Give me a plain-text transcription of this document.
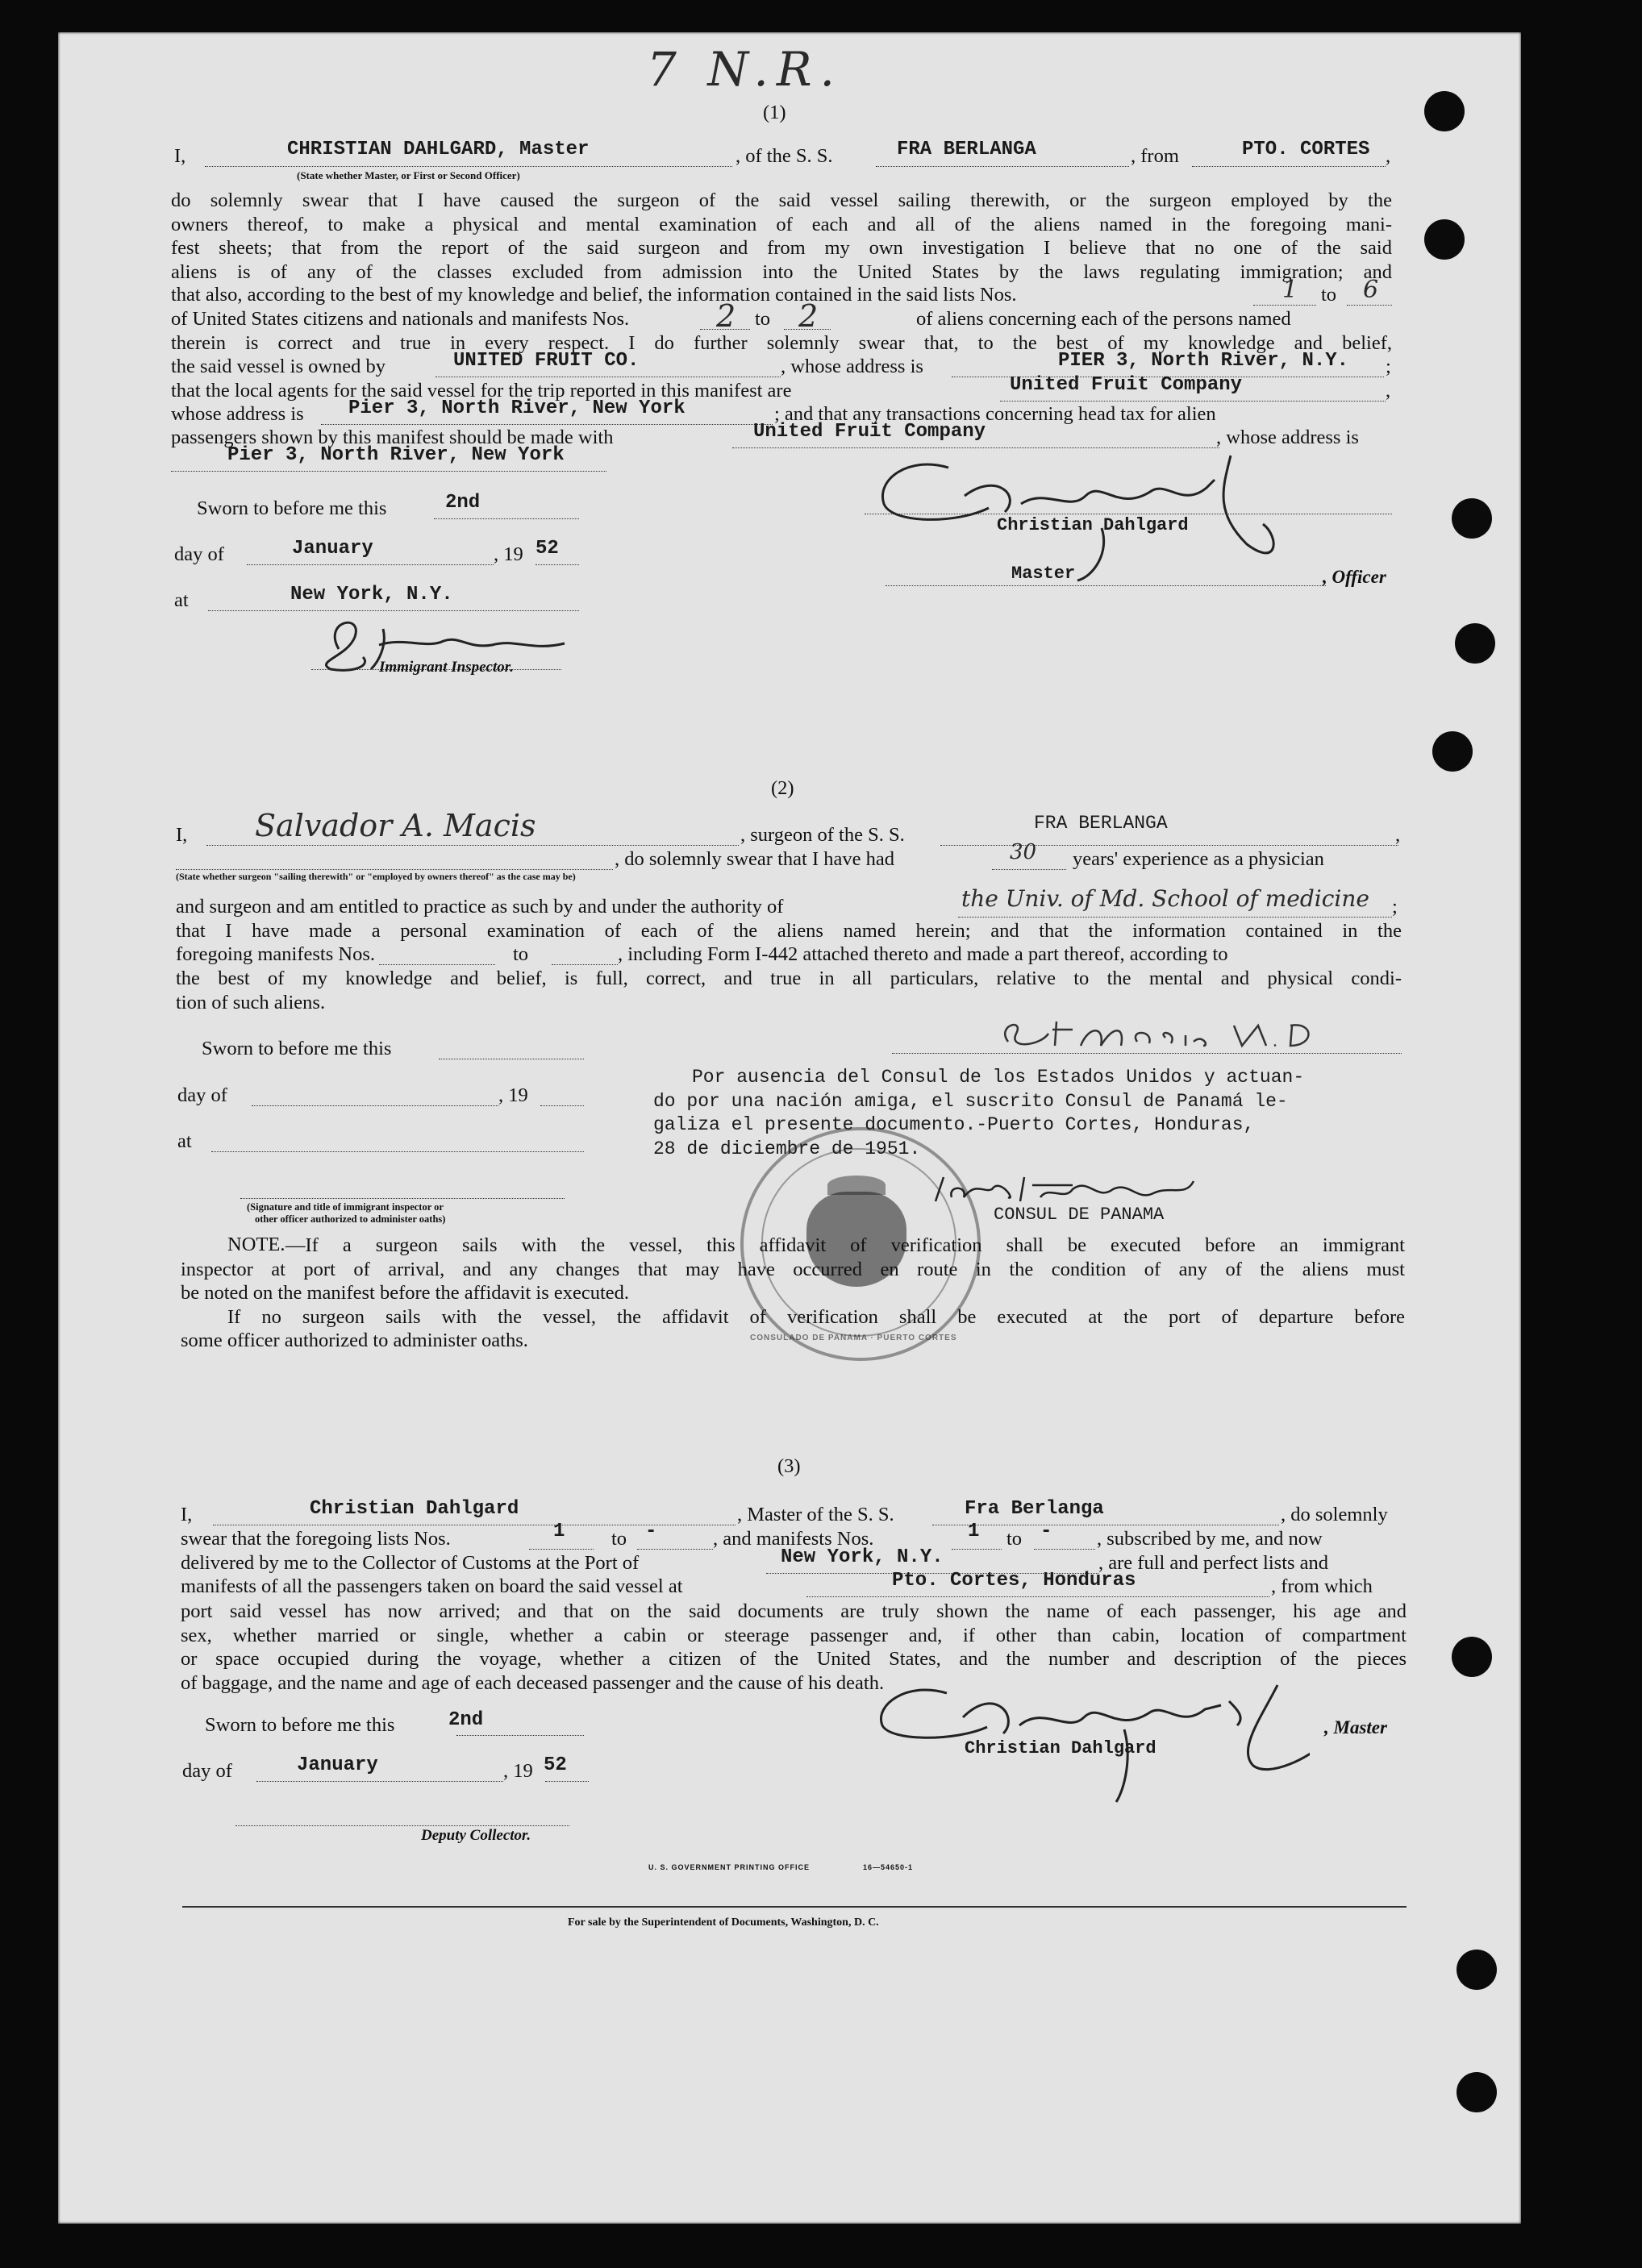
7 N.R.
(1)
I,	CHRISTIAN DAHLGARD, Master
(State whether Master, or First or Second Officer)
, of the S. S.	FRA BERLANGA	, from	PTO. CORTES ,
do solemnly swear that I have caused the surgeon of the said vessel sailing therewith, or the surgeon employed by the
owners thereof, to make a physical and mental examination of each and all of the aliens named in the foregoing mani-
fest sheets; that from the report of the said surgeon and from my own investigation I believe that no one of the said
aliens is of any of the classes excluded from admission into the United States by the laws regulating immigration; and
that also, according to the best of my knowledge and belief, the information contained in the said lists Nos.	1 to 6
of United States citizens and nationals and manifests Nos.	2 to 2	of aliens concerning each of the persons named
therein is correct and true in every respect. I do further solemnly swear that, to the best of my knowledge and belief,
the said vessel is owned by	UNITED FRUIT CO.	, whose address is	PIER 3, North River, N.Y. ;
that the local agents for the said vessel for the trip reported in this manifest are	United Fruit Company	,
whose address is Pier 3, North River, New York	; and that any transactions concerning head tax for alien
passengers shown by this manifest should be made with	United Fruit Company	, whose address is
Pier 3, North River, New York
Sworn to before me this	2nd
day of	January	, 19 52
at	New York, N.Y.
Immigrant Inspector.
Christian Dahlgard
Master	, Officer
(2)
I, Salvador A. Macis	, surgeon of the S. S.
FRA BERLANGA
,
, do solemnly swear that I have had	30 years' experience as a physician
(State whether surgeon "sailing therewith" or "employed by owners thereof" as the case may be)
and surgeon and am entitled to practice as such by and under the authority of	the Univ. of Md. School of medicine ;
that I have made a personal examination of each of the aliens named herein; and that the information contained in the
foregoing manifests Nos.	to	, including Form I-442 attached thereto and made a part thereof, according to
the best of my knowledge and belief, is full, correct, and true in all particulars, relative to the mental and physical condi-
tion of such aliens.
Sworn to before me this
day of	, 19
at
(Signature and title of immigrant inspector or
other officer authorized to administer oaths)
Por ausencia del Consul de los Estados Unidos y actuan-
do por una nación amiga, el suscrito Consul de Panamá le-
galiza el presente documento.-Puerto Cortes, Honduras,
28 de diciembre de 1951.
CONSULADO DE PANAMA · PUERTO CORTES
CONSUL DE PANAMA
NOTE. —If a surgeon sails with the vessel, this affidavit of verification shall be executed before an immigrant
inspector at port of arrival, and any changes that may have occurred en route in the condition of any of the aliens must
be noted on the manifest before the affidavit is executed.
If no surgeon sails with the vessel, the affidavit of verification shall be executed at the port of departure before
some officer authorized to administer oaths.
(3)
I,	Christian Dahlgard	, Master of the S. S.	Fra Berlanga	, do solemnly
swear that the foregoing lists Nos.	1 to -	, and manifests Nos.	1 to - , subscribed by me, and now
delivered by me to the Collector of Customs at the Port of	New York, N.Y.	, are full and perfect lists and
manifests of all the passengers taken on board the said vessel at	Pto. Cortes, Honduras	, from which
port said vessel has now arrived; and that on the said documents are truly shown the name of each passenger, his age and
sex, whether married or single, whether a cabin or steerage passenger and, if other than cabin, location of compartment
or space occupied during the voyage, whether a citizen of the United States, and the number and description of the pieces
of baggage, and the name and age of each deceased passenger and the cause of his death.
Sworn to before me this	2nd
day of	January	, 19 52
Deputy Collector.
, Master
Christian Dahlgard
U. S. GOVERNMENT PRINTING OFFICE	16—54650-1
For sale by the Superintendent of Documents, Washington, D. C.
